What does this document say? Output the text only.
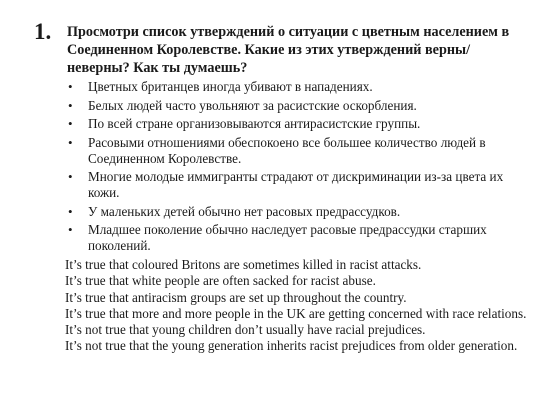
1. Просмотри список утверждений о ситуации с цветным населением в Соединенном Королевстве. Какие из этих утверждений верны/неверны? Как ты думаешь?
• Цветных британцев иногда убивают в нападениях.
• Белых людей часто увольняют за расистские оскорбления.
• По всей стране организовываются антирасистские группы.
• Расовыми отношениями обеспокоено все большее количество людей в Соединенном Королевстве.
• Многие молодые иммигранты страдают от дискриминации из-за цвета их кожи.
• У маленьких детей обычно нет расовых предрассудков.
• Младшее поколение обычно наследует расовые предрассудки старших поколений.

It’s true that coloured Britons are sometimes killed in racist attacks.

It’s true that white people are often sacked for racist abuse.

It’s true that antiracism groups are set up throughout the country.

It’s true that more and more people in the UK are getting concerned with race relations.

It’s not true that young children don’t usually have racial prejudices.

It’s not true that the young generation inherits racist prejudices from older generation.
